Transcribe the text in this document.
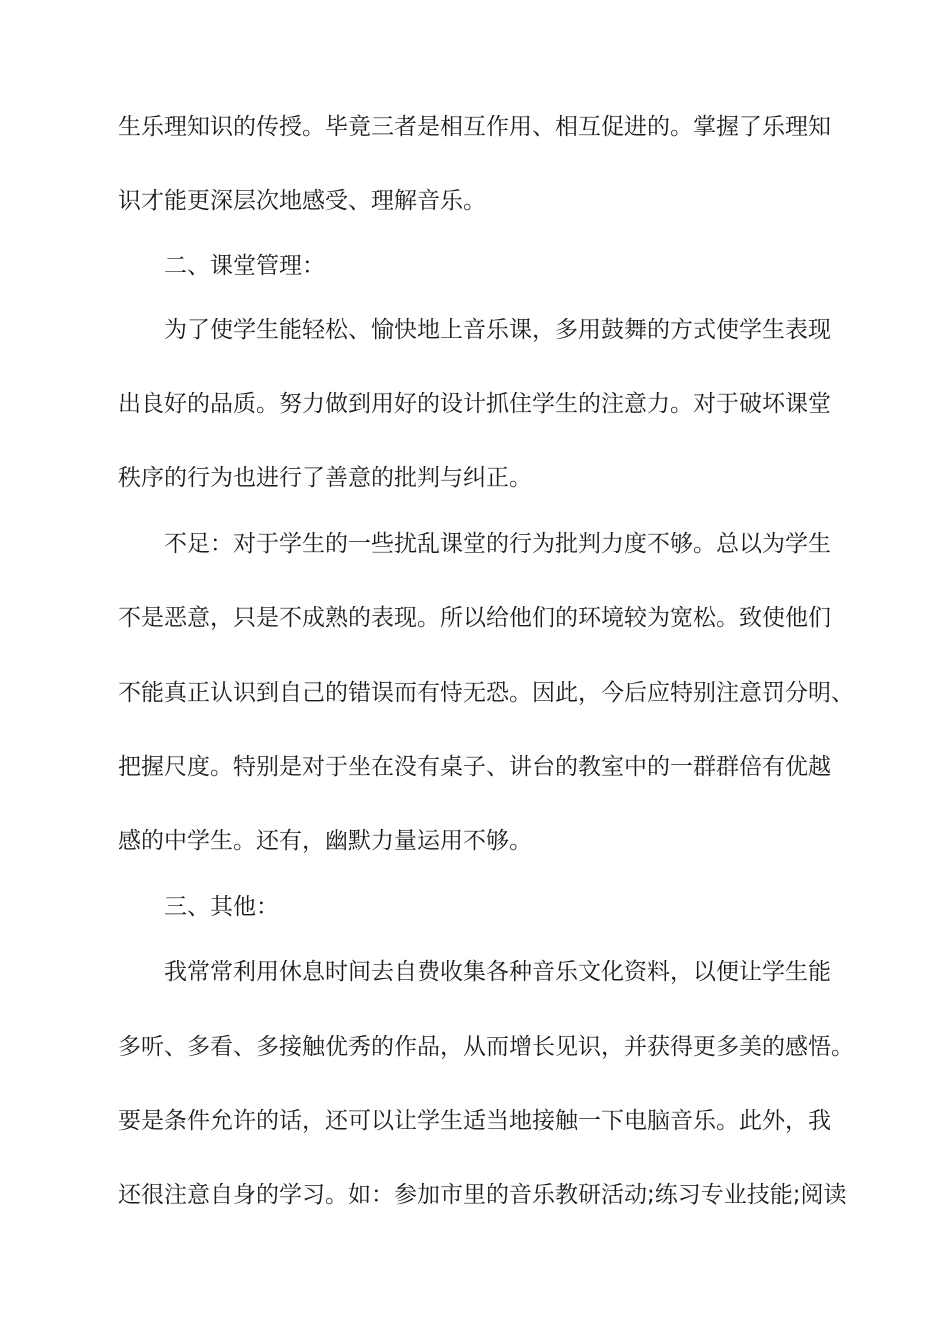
生乐理知识的传授。毕竟三者是相互作用、相互促进的。掌握了乐理知
识才能更深层次地感受、理解音乐。
二、课堂管理：
为了使学生能轻松、愉快地上音乐课，多用鼓舞的方式使学生表现
出良好的品质。努力做到用好的设计抓住学生的注意力。对于破坏课堂
秩序的行为也进行了善意的批判与纠正。
不足：对于学生的一些扰乱课堂的行为批判力度不够。总以为学生
不是恶意，只是不成熟的表现。所以给他们的环境较为宽松。致使他们
不能真正认识到自己的错误而有恃无恐。因此，今后应特别注意罚分明、
把握尺度。特别是对于坐在没有桌子、讲台的教室中的一群群倍有优越
感的中学生。还有，幽默力量运用不够。
三、其他：
我常常利用休息时间去自费收集各种音乐文化资料，以便让学生能
多听、多看、多接触优秀的作品，从而增长见识，并获得更多美的感悟。
要是条件允许的话，还可以让学生适当地接触一下电脑音乐。此外，我
还很注意自身的学习。如：参加市里的音乐教研活动;练习专业技能;阅读
